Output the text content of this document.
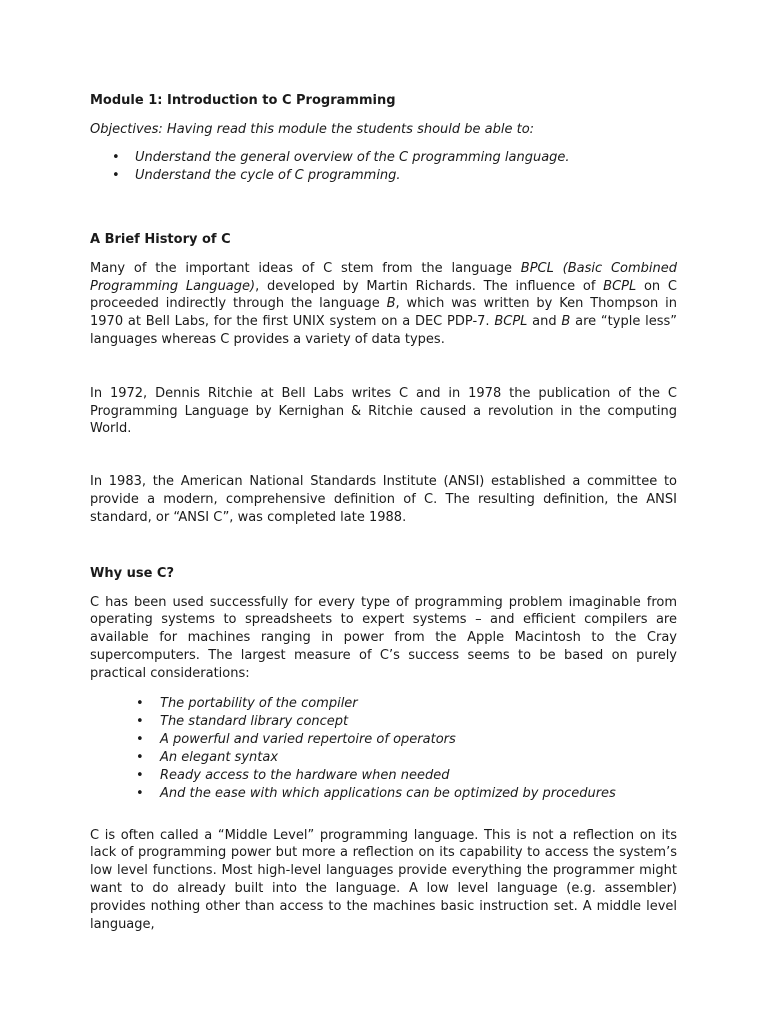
Module 1: Introduction to C Programming

Objectives: Having read this module the students should be able to:

• Understand the general overview of the C programming language.
• Understand the cycle of C programming.
A Brief History of C

Many of the important ideas of C stem from the language BPCL (Basic Combined Programming Language), developed by Martin Richards. The influence of BCPL on C proceeded indirectly through the language B, which was written by Ken Thompson in 1970 at Bell Labs, for the first UNIX system on a DEC PDP-7. BCPL and B are “typle less” languages whereas C provides a variety of data types.

In 1972, Dennis Ritchie at Bell Labs writes C and in 1978 the publication of the C Programming Language by Kernighan & Ritchie caused a revolution in the computing World.

In 1983, the American National Standards Institute (ANSI) established a committee to provide a modern, comprehensive definition of C. The resulting definition, the ANSI standard, or “ANSI C”, was completed late 1988.

Why use C?

C has been used successfully for every type of programming problem imaginable from operating systems to spreadsheets to expert systems – and efficient compilers are available for machines ranging in power from the Apple Macintosh to the Cray supercomputers. The largest measure of C’s success seems to be based on purely practical considerations:

• The portability of the compiler
• The standard library concept
• A powerful and varied repertoire of operators
• An elegant syntax
• Ready access to the hardware when needed
• And the ease with which applications can be optimized by procedures

C is often called a “Middle Level” programming language. This is not a reflection on its lack of programming power but more a reflection on its capability to access the system’s low level functions. Most high-level languages provide everything the programmer might want to do already built into the language. A low level language (e.g. assembler) provides nothing other than access to the machines basic instruction set. A middle level language,
